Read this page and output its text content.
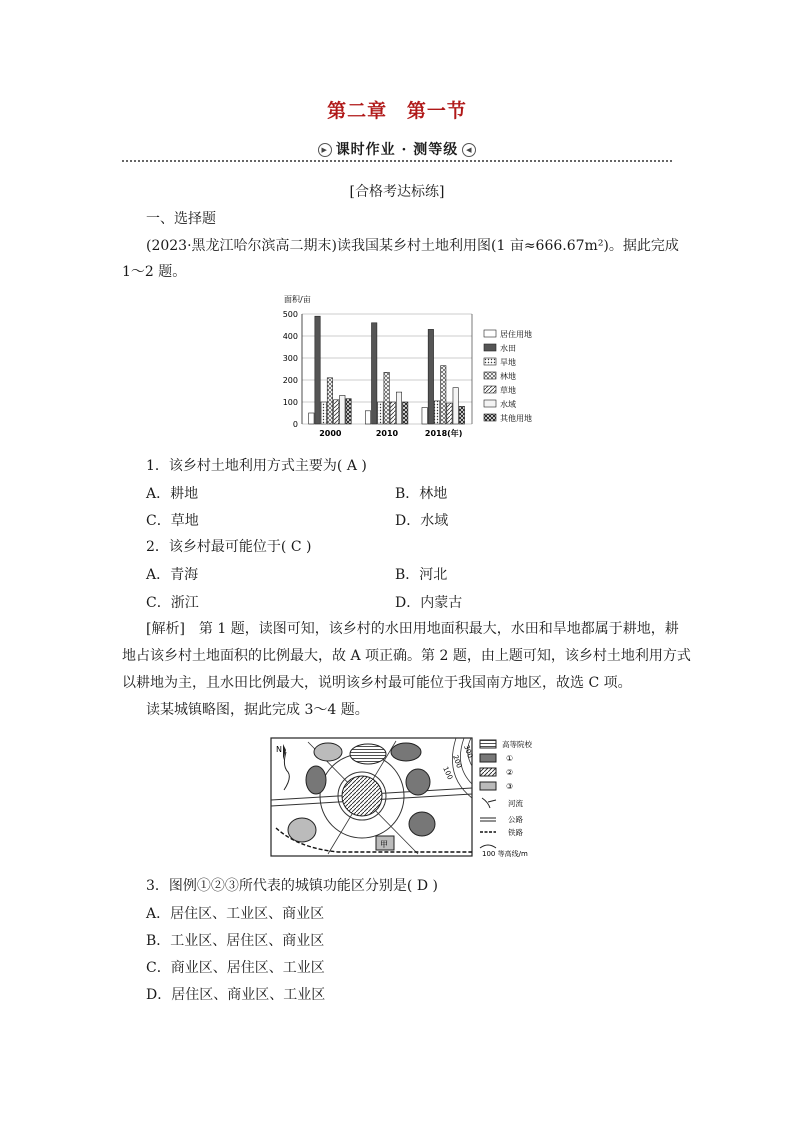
第二章 第一节
▶ 课时作业 · 测等级 ◀
[合格考达标练]
一、选择题
(2023·黑龙江哈尔滨高二期末)读我国某乡村土地利用图(1 亩≈666.67m²)。据此完成
1～2 题。
面积/亩
0
100
200
300
400
500
2000	2010	2018(年)
居住用地
水田
旱地
林地
草地
水域
其他用地
1．该乡村土地利用方式主要为( A )
A．耕地	B．林地
C．草地	D．水域
2．该乡村最可能位于( C )
A．青海	B．河北
C．浙江	D．内蒙古
[解析]　第 1 题，读图可知，该乡村的水田用地面积最大，水田和旱地都属于耕地，耕
地占该乡村土地面积的比例最大，故 A 项正确。第 2 题，由上题可知，该乡村土地利用方式
以耕地为主，且水田比例最大，说明该乡村最可能位于我国南方地区，故选 C 项。
读某城镇略图，据此完成 3～4 题。
甲
N	300
200
100
高等院校
①
②
③
河流
公路
铁路
100 等高线/m
3．图例①②③所代表的城镇功能区分别是( D )
A．居住区、工业区、商业区
B．工业区、居住区、商业区
C．商业区、居住区、工业区
D．居住区、商业区、工业区
